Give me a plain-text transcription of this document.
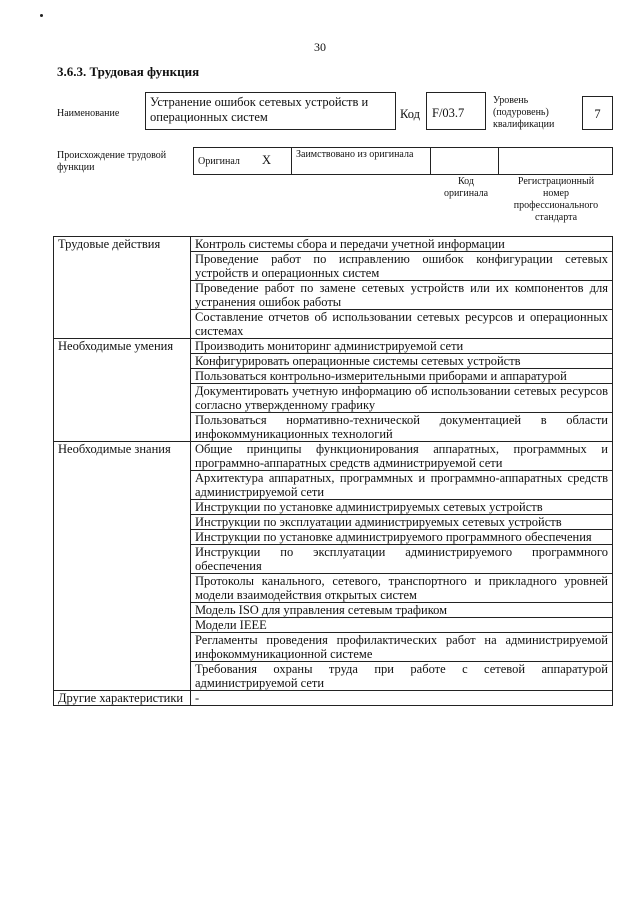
30
3.6.3. Трудовая функция
Наименование
Устранение ошибок сетевых устройств и операционных систем	Код F/03.7
Уровень (подуровень) квалификации
7
Происхождение трудовой функции
Оригинал X Заимствовано из оригинала
Код оригинала
Регистрационный номер профессионального стандарта
Трудовые действия	Контроль системы сбора и передачи учетной информации
	Проведение работ по исправлению ошибок конфигурации сетевых устройств и операционных систем
	Проведение работ по замене сетевых устройств или их компонентов для устранения ошибок работы
	Составление отчетов об использовании сетевых ресурсов и операционных системах
Необходимые умения	Производить мониторинг администрируемой сети
	Конфигурировать операционные системы сетевых устройств
	Пользоваться контрольно-измерительными приборами и аппаратурой
	Документировать учетную информацию об использовании сетевых ресурсов согласно утвержденному графику
	Пользоваться нормативно-технической документацией в области инфокоммуникационных технологий
Необходимые знания	Общие принципы функционирования аппаратных, программных и программно-аппаратных средств администрируемой сети
	Архитектура аппаратных, программных и программно-аппаратных средств администрируемой сети
	Инструкции по установке администрируемых сетевых устройств
	Инструкции по эксплуатации администрируемых сетевых устройств
	Инструкции по установке администрируемого программного обеспечения
	Инструкции по эксплуатации администрируемого программного обеспечения
	Протоколы канального, сетевого, транспортного и прикладного уровней модели взаимодействия открытых систем
	Модель ISO для управления сетевым трафиком
	Модели IEEE
	Регламенты проведения профилактических работ на администрируемой инфокоммуникационной системе
	Требования охраны труда при работе с сетевой аппаратурой администрируемой сети
Другие характеристики	-
